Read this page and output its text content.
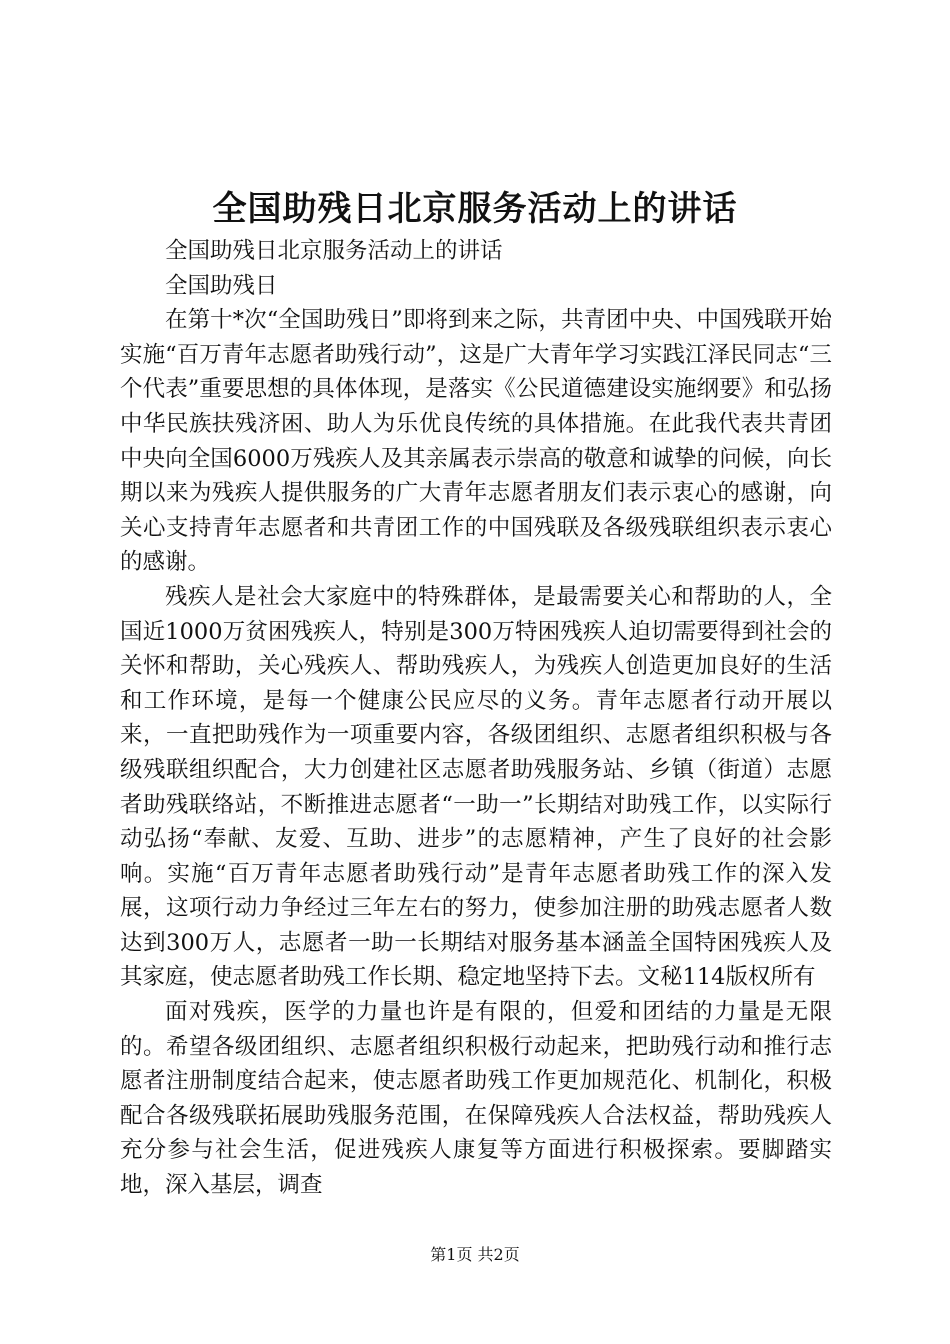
全国助残日北京服务活动上的讲话

全国助残日北京服务活动上的讲话

全国助残日

在第十*次“全国助残日”即将到来之际，共青团中央、中国残联开始实施“百万青年志愿者助残行动”，这是广大青年学习实践江泽民同志“三个代表”重要思想的具体体现，是落实《公民道德建设实施纲要》和弘扬中华民族扶残济困、助人为乐优良传统的具体措施。在此我代表共青团中央向全国6000万残疾人及其亲属表示崇高的敬意和诚挚的问候，向长期以来为残疾人提供服务的广大青年志愿者朋友们表示衷心的感谢，向关心支持青年志愿者和共青团工作的中国残联及各级残联组织表示衷心的感谢。

残疾人是社会大家庭中的特殊群体，是最需要关心和帮助的人，全国近1000万贫困残疾人，特别是300万特困残疾人迫切需要得到社会的关怀和帮助，关心残疾人、帮助残疾人，为残疾人创造更加良好的生活和工作环境，是每一个健康公民应尽的义务。青年志愿者行动开展以来，一直把助残作为一项重要内容，各级团组织、志愿者组织积极与各级残联组织配合，大力创建社区志愿者助残服务站、乡镇（街道）志愿者助残联络站，不断推进志愿者“一助一”长期结对助残工作，以实际行动弘扬“奉献、友爱、互助、进步”的志愿精神，产生了良好的社会影响。实施“百万青年志愿者助残行动”是青年志愿者助残工作的深入发展，这项行动力争经过三年左右的努力，使参加注册的助残志愿者人数达到300万人，志愿者一助一长期结对服务基本涵盖全国特困残疾人及其家庭，使志愿者助残工作长期、稳定地坚持下去。文秘114版权所有

面对残疾，医学的力量也许是有限的，但爱和团结的力量是无限的。希望各级团组织、志愿者组织积极行动起来，把助残行动和推行志愿者注册制度结合起来，使志愿者助残工作更加规范化、机制化，积极配合各级残联拓展助残服务范围，在保障残疾人合法权益，帮助残疾人充分参与社会生活，促进残疾人康复等方面进行积极探索。要脚踏实地，深入基层，调查

第1页 共2页
